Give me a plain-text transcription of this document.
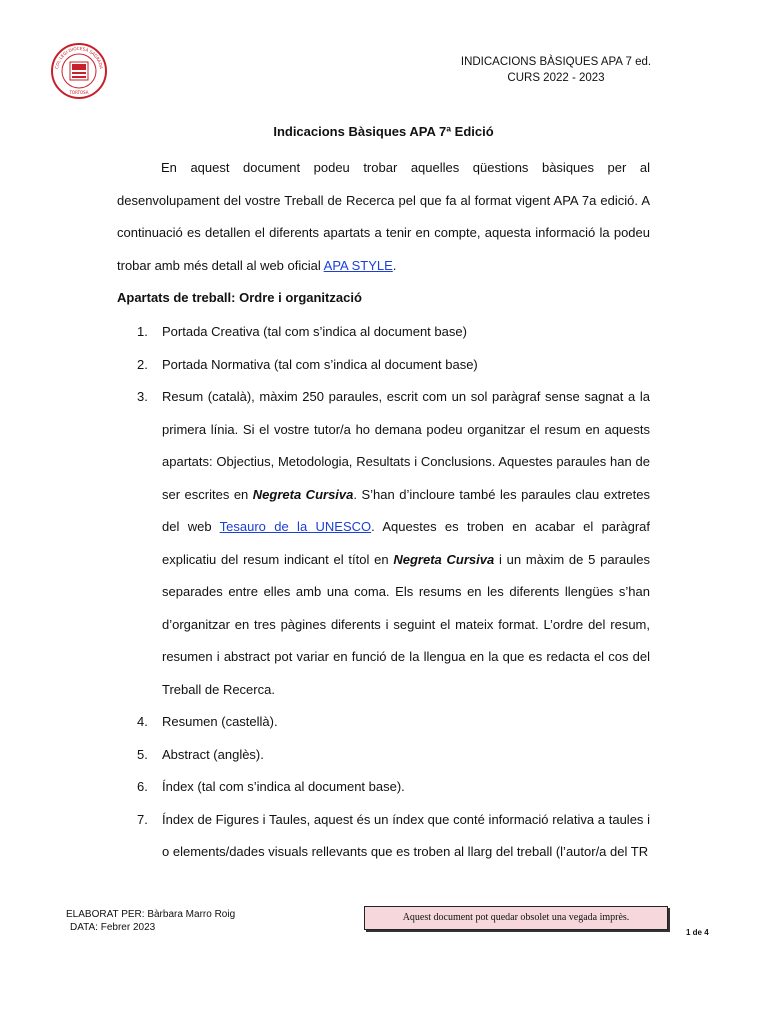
COL·LEGI DIOCESÀ SAGRADA
TORTOSA
INDICACIONS BÀSIQUES APA 7 ed.
CURS 2022 - 2023
Indicacions Bàsiques APA 7ª Edició

En aquest document podeu trobar aquelles qüestions bàsiques per al desenvolupament del vostre Treball de Recerca pel que fa al format vigent APA 7a edició. A continuació es detallen el diferents apartats a tenir en compte, aquesta informació la podeu trobar amb més detall al web oficial APA STYLE.

Apartats de treball: Ordre i organització
1. Portada Creativa (tal com s’indica al document base)
2. Portada Normativa (tal com s’indica al document base)
3. Resum (català), màxim 250 paraules, escrit com un sol paràgraf sense sagnat a la primera línia. Si el vostre tutor/a ho demana podeu organitzar el resum en aquests apartats: Objectius, Metodologia, Resultats i Conclusions. Aquestes paraules han de ser escrites en Negreta Cursiva. S’han d’incloure també les paraules clau extretes del web Tesauro de la UNESCO. Aquestes es troben en acabar el paràgraf explicatiu del resum indicant el títol en Negreta Cursiva i un màxim de 5 paraules separades entre elles amb una coma. Els resums en les diferents llengües s’han d’organitzar en tres pàgines diferents i seguint el mateix format. L’ordre del resum, resumen i abstract pot variar en funció de la llengua en la que es redacta el cos del Treball de Recerca.
4. Resumen (castellà).
5. Abstract (anglès).
6. Índex (tal com s’indica al document base).
7. Índex de Figures i Taules, aquest és un índex que conté informació relativa a taules i o elements/dades visuals rellevants que es troben al llarg del treball (l’autor/a del TR
ELABORAT PER: Bàrbara Marro Roig
DATA: Febrer 2023
Aquest document pot quedar obsolet una vegada imprès.
1 de 4
